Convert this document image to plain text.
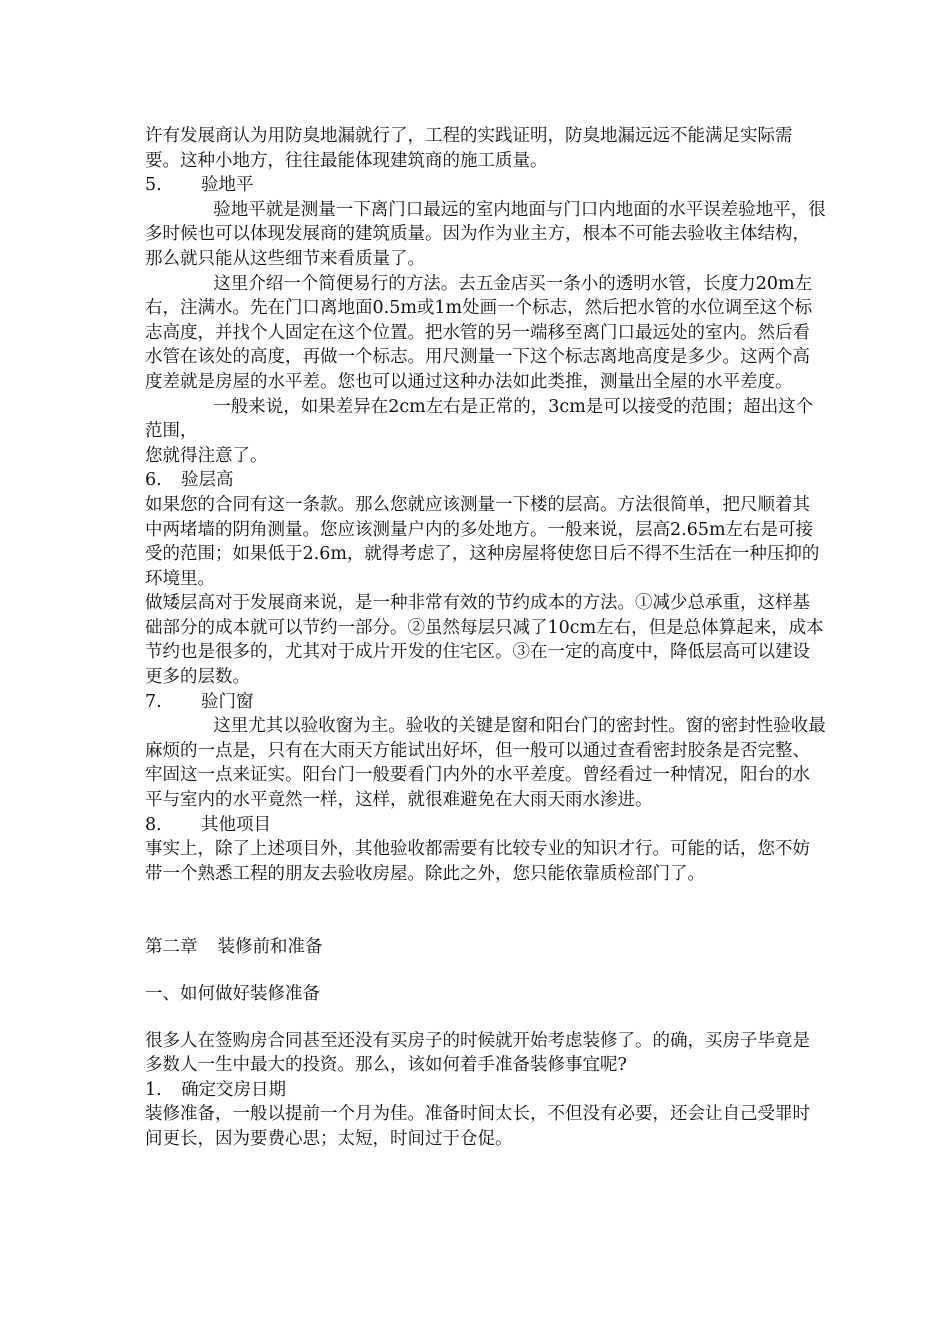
许有发展商认为用防臭地漏就行了，工程的实践证明，防臭地漏远远不能满足实际需要。这种小地方，往往最能体现建筑商的施工质量。

5. 验地平

验地平就是测量一下离门口最远的室内地面与门口内地面的水平误差验地平，很多时候也可以体现发展商的建筑质量。因为作为业主方，根本不可能去验收主体结构，那么就只能从这些细节来看质量了。

这里介绍一个简便易行的方法。去五金店买一条小的透明水管，长度力20m左右，注满水。先在门口离地面0.5m或1m处画一个标志，然后把水管的水位调至这个标志高度，并找个人固定在这个位置。把水管的另一端移至离门口最远处的室内。然后看水管在该处的高度，再做一个标志。用尺测量一下这个标志离地高度是多少。这两个高度差就是房屋的水平差。您也可以通过这种办法如此类推，测量出全屋的水平差度。

一般来说，如果差异在2cm左右是正常的，3cm是可以接受的范围；超出这个范围，

您就得注意了。

6. 验层高

如果您的合同有这一条款。那么您就应该测量一下楼的层高。方法很简单，把尺顺着其中两堵墙的阴角测量。您应该测量户内的多处地方。一般来说，层高2.65m左右是可接受的范围；如果低于2.6m，就得考虑了，这种房屋将使您日后不得不生活在一种压抑的环境里。

做矮层高对于发展商来说，是一种非常有效的节约成本的方法。①减少总承重，这样基础部分的成本就可以节约一部分。②虽然每层只减了10cm左右，但是总体算起来，成本节约也是很多的，尤其对于成片开发的住宅区。③在一定的高度中，降低层高可以建设更多的层数。

7. 验门窗

这里尤其以验收窗为主。验收的关键是窗和阳台门的密封性。窗的密封性验收最麻烦的一点是，只有在大雨天方能试出好坏，但一般可以通过查看密封胶条是否完整、牢固这一点来证实。阳台门一般要看门内外的水平差度。曾经看过一种情况，阳台的水平与室内的水平竟然一样，这样，就很难避免在大雨天雨水渗进。

8. 其他项目

事实上，除了上述项目外，其他验收都需要有比较专业的知识才行。可能的话，您不妨带一个熟悉工程的朋友去验收房屋。除此之外，您只能依靠质检部门了。

第二章 装修前和准备

一、如何做好装修准备

很多人在签购房合同甚至还没有买房子的时候就开始考虑装修了。的确，买房子毕竟是多数人一生中最大的投资。那么，该如何着手准备装修事宜呢?

1. 确定交房日期

装修准备，一般以提前一个月为佳。准备时间太长，不但没有必要，还会让自己受罪时间更长，因为要费心思；太短，时间过于仓促。
